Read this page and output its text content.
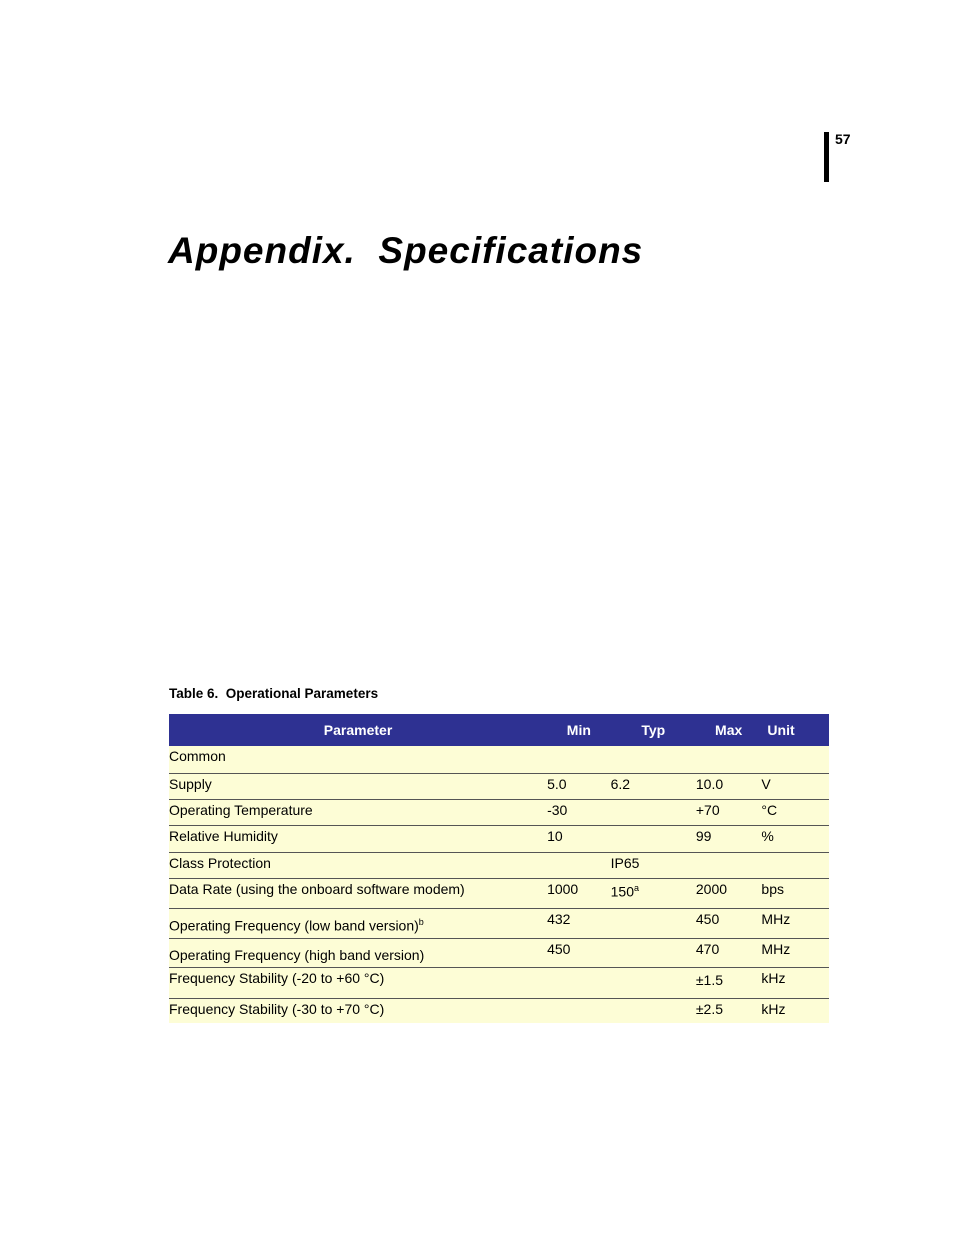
57
Appendix.  Specifications
Table 6.  Operational Parameters
Parameter	Min	Typ	Max	Unit
Common				
Supply	5.0	6.2	10.0	V
Operating Temperature	-30		+70	°C
Relative Humidity	10		99	%
Class Protection		IP65		
Data Rate (using the onboard software modem)	1000	150$^a$	2000	bps
Operating Frequency (low band version)$^b$	432		450	MHz
Operating Frequency (high band version)	450		470	MHz
Frequency Stability (-20 to +60 °C)			±1.5	kHz
Frequency Stability (-30 to +70 °C)			±2.5	kHz
